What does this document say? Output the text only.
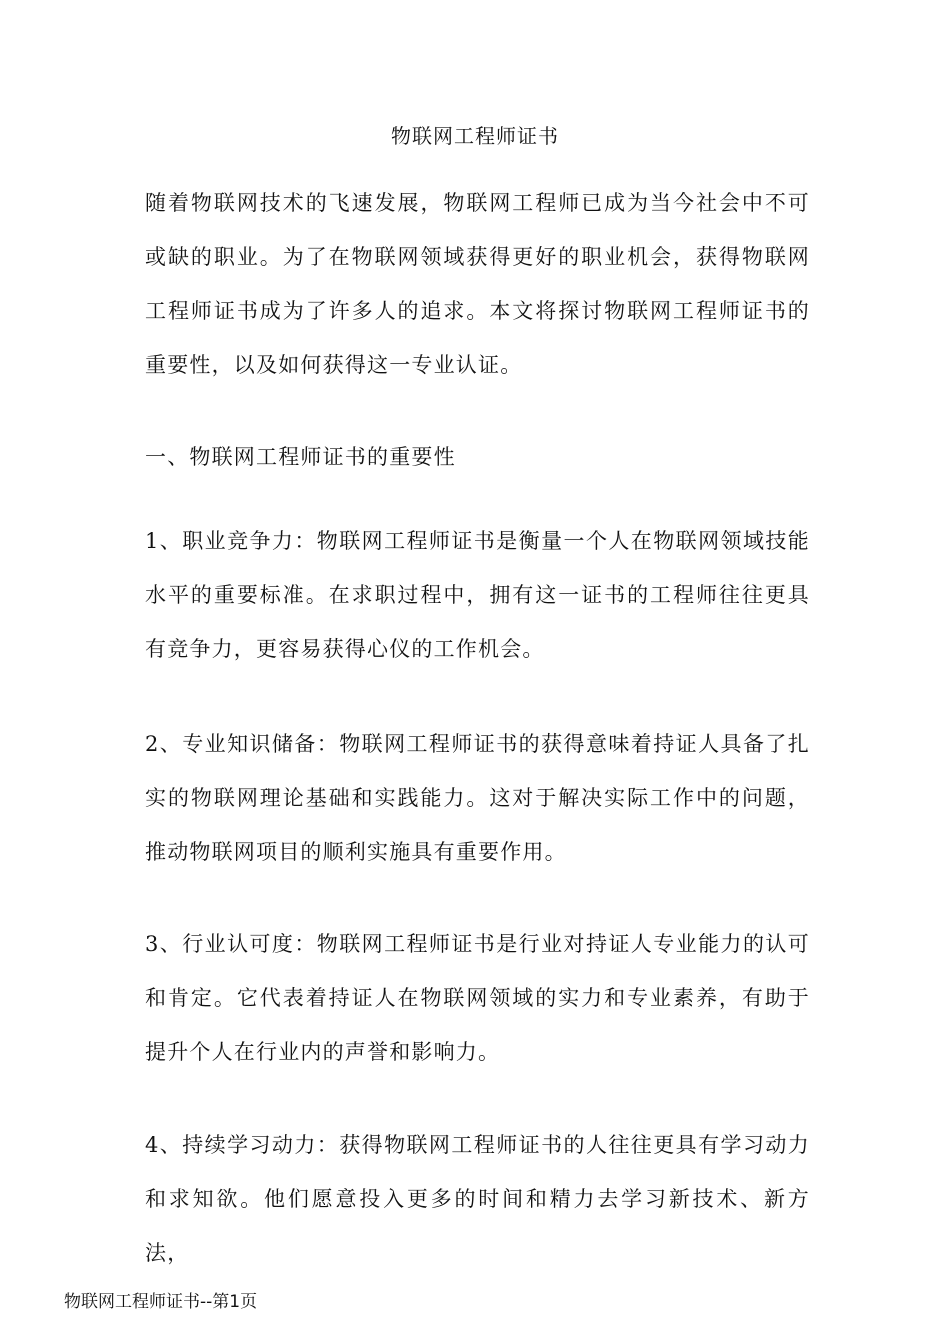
物联网工程师证书
随着物联网技术的飞速发展，物联网工程师已成为当今社会中不可或缺的职业。为了在物联网领域获得更好的职业机会，获得物联网工程师证书成为了许多人的追求。本文将探讨物联网工程师证书的重要性，以及如何获得这一专业认证。
一、物联网工程师证书的重要性
1、职业竞争力：物联网工程师证书是衡量一个人在物联网领域技能水平的重要标准。在求职过程中，拥有这一证书的工程师往往更具有竞争力，更容易获得心仪的工作机会。
2、专业知识储备：物联网工程师证书的获得意味着持证人具备了扎实的物联网理论基础和实践能力。这对于解决实际工作中的问题，推动物联网项目的顺利实施具有重要作用。
3、行业认可度：物联网工程师证书是行业对持证人专业能力的认可和肯定。它代表着持证人在物联网领域的实力和专业素养，有助于提升个人在行业内的声誉和影响力。
4、持续学习动力：获得物联网工程师证书的人往往更具有学习动力和求知欲。他们愿意投入更多的时间和精力去学习新技术、新方法，
物联网工程师证书--第1页
